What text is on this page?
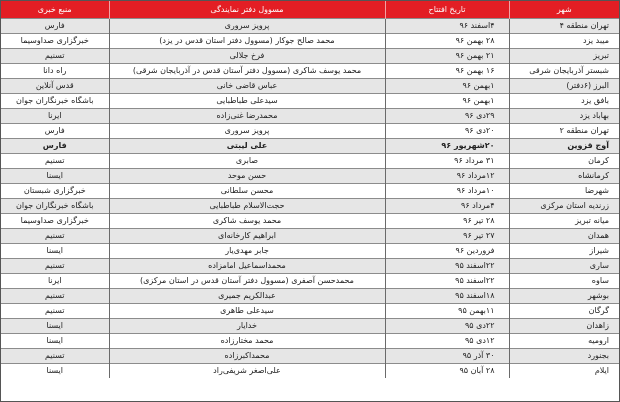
شهر	تاریخ افتتاح	مسوول دفتر نمایندگی	منبع خبری
تهران منطقه ۴	۴اسفند ۹۶	پرویز سروری	فارس
میبد یزد	۲۸ بهمن ۹۶	محمد صالح جوکار (مسوول دفتر استان قدس در یزد)	خبرگزاری صداوسیما
تبریز	۲۱ بهمن ۹۶	فرخ جلالی	تسنیم
شبستر آذربایجان شرقی	۱۶ بهمن ۹۶	محمد یوسف شاکری (مسوول دفتر آستان قدس در آذربایجان شرقی)	راه دانا
البرز (۶دفتر)	۱بهمن ۹۶	عباس قاضی خانی	قدس آنلاین
بافق یزد	۱بهمن ۹۶	سیدعلی طباطبایی	باشگاه خبرنگاران جوان
بهاباد یزد	۲۹دی ۹۶	محمدرضا غنی‌زاده	ایرنا
تهران منطقه ۲	۲۰دی ۹۶	پرویز سروری	فارس
آوج قزوین	۲۰شهریور ۹۶	علی لیبتی	فارس
کرمان	۳۱ مرداد ۹۶	صابری	تسنیم
کرمانشاه	۱۲مرداد ۹۶	حسن موحد	ایسنا
شهرضا	۱۰مرداد ۹۶	محسن سلطانی	خبرگزاری شبستان
زرندیه استان مرکزی	۴مرداد ۹۶	حجت‌الاسلام طباطبایی	باشگاه خبرنگاران جوان
میانه تبریز	۲۸ تیر ۹۶	محمد یوسف شاکری	خبرگزاری صداوسیما
همدان	۲۷ تیر ۹۶	ابراهیم کارخانه‌ای	تسنیم
شیراز	فروردین ۹۶	جابر مهدی‌یار	ایسنا
ساری	۲۲اسفند ۹۵	محمداسماعیل امامزاده	تسنیم
ساوه	۲۲اسفند ۹۵	محمدحسن آصفری (مسوول دفتر آستان قدس در استان مرکزی)	ایرنا
بوشهر	۱۸اسفند ۹۵	عبدالکریم جمیری	تسنیم
گرگان	۱۱بهمن ۹۵	سیدعلی طاهری	تسنیم
زاهدان	۲۲دی ۹۵	خدایار	ایسنا
ارومیه	۱۲دی ۹۵	محمد مختارزاده	ایسنا
بجنورد	۳۰ آذر ۹۵	محمداکبرزاده	تسنیم
ایلام	۲۸ آبان ۹۵	علی‌اصغر شریفی‌راد	ایسنا
